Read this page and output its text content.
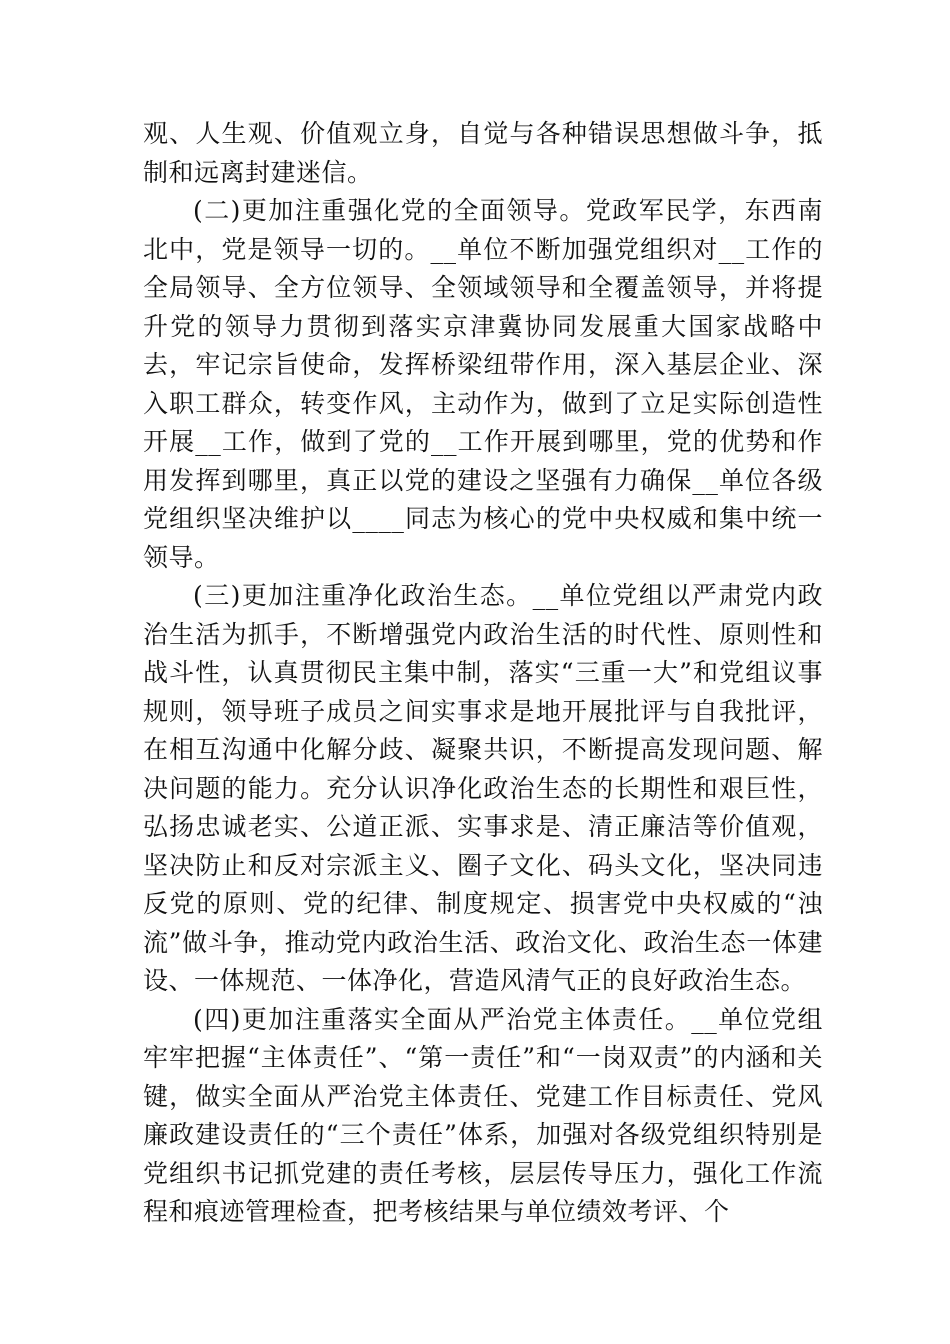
观、人生观、价值观立身，自觉与各种错误思想做斗争，抵制和远离封建迷信。

(二)更加注重强化党的全面领导。党政军民学，东西南北中，党是领导一切的。__单位不断加强党组织对__工作的全局领导、全方位领导、全领域领导和全覆盖领导，并将提升党的领导力贯彻到落实京津冀协同发展重大国家战略中去，牢记宗旨使命，发挥桥梁纽带作用，深入基层企业、深入职工群众，转变作风，主动作为，做到了立足实际创造性开展__工作，做到了党的__工作开展到哪里，党的优势和作用发挥到哪里，真正以党的建设之坚强有力确保__单位各级党组织坚决维护以____同志为核心的党中央权威和集中统一领导。

(三)更加注重净化政治生态。__单位党组以严肃党内政治生活为抓手，不断增强党内政治生活的时代性、原则性和战斗性，认真贯彻民主集中制，落实“三重一大”和党组议事规则，领导班子成员之间实事求是地开展批评与自我批评，在相互沟通中化解分歧、凝聚共识，不断提高发现问题、解决问题的能力。充分认识净化政治生态的长期性和艰巨性，弘扬忠诚老实、公道正派、实事求是、清正廉洁等价值观，坚决防止和反对宗派主义、圈子文化、码头文化，坚决同违反党的原则、党的纪律、制度规定、损害党中央权威的“浊流”做斗争，推动党内政治生活、政治文化、政治生态一体建设、一体规范、一体净化，营造风清气正的良好政治生态。

(四)更加注重落实全面从严治党主体责任。__单位党组牢牢把握“主体责任”、“第一责任”和“一岗双责”的内涵和关键，做实全面从严治党主体责任、党建工作目标责任、党风廉政建设责任的“三个责任”体系，加强对各级党组织特别是党组织书记抓党建的责任考核，层层传导压力，强化工作流程和痕迹管理检查，把考核结果与单位绩效考评、个
